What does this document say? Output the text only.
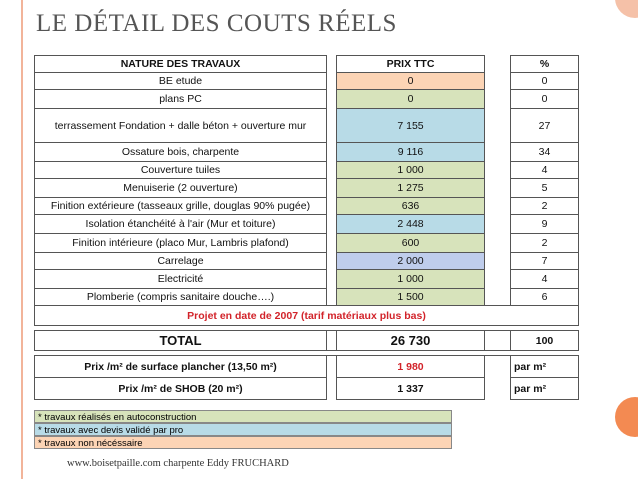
LE DÉTAIL DES COUTS RÉELS
NATURE DES TRAVAUX		PRIX TTC		%
BE etude		0		0
plans PC		0		0
terrassement Fondation + dalle béton + ouverture mur		7 155		27
Ossature bois, charpente		9 116		34
Couverture tuiles		1 000		4
Menuiserie (2 ouverture)		1 275		5
Finition extérieure (tasseaux grille, douglas 90% pugée)		636		2
Isolation étanchéité à l'air (Mur et toiture)		2 448		9
Finition intérieure (placo Mur, Lambris plafond)		600		2
Carrelage		2 000		7
Electricité		1 000		4
Plomberie (compris sanitaire douche….)		1 500		6
Projet en date de 2007 (tarif matériaux plus bas)				

TOTAL		26 730		100

Prix /m² de surface plancher (13,50 m²)		1 980		par m²
Prix /m² de SHOB (20 m²)		1 337		par m²
* travaux réalisés en autoconstruction
* travaux avec devis validé par pro
* travaux non nécéssaire
www.boisetpaille.com charpente Eddy FRUCHARD
